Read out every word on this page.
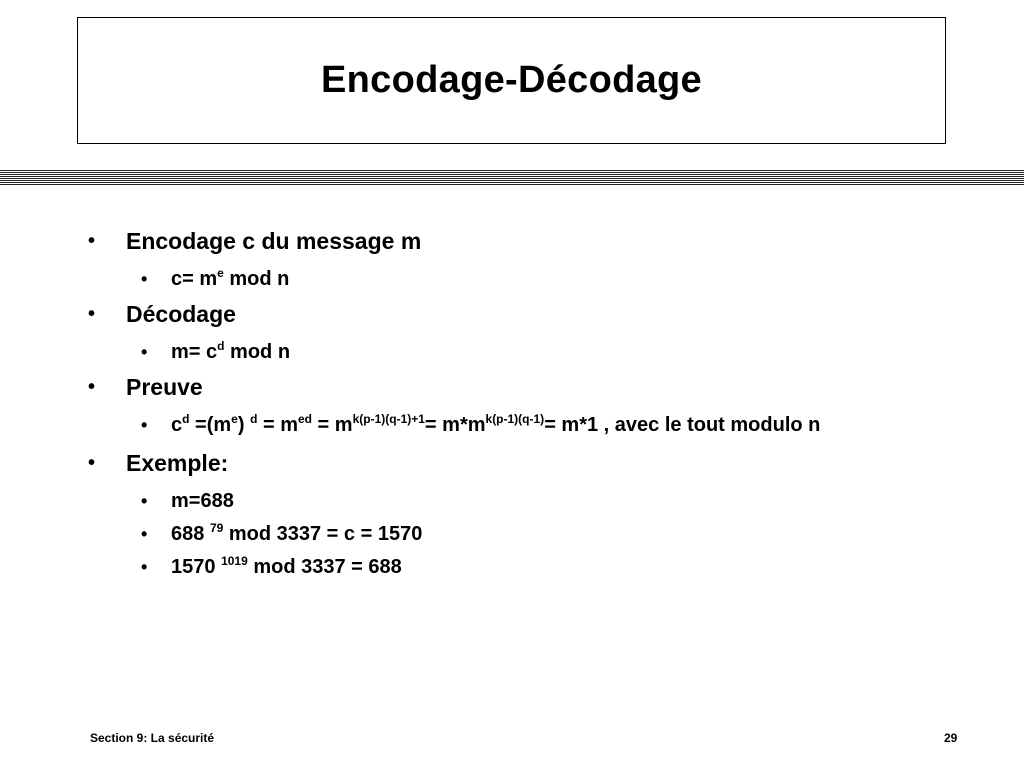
Encodage-Décodage
• Encodage c du message m
• $c= m^e$ mod n
• Décodage
• $m= c^d$ mod n
• Preuve
• $c^d =(m^e) ^d = m^{ed} = m^{k(p-1)(q-1)+1}= m*m^{k(p-1)(q-1)}= m*1$ , avec le tout modulo n
• Exemple:
• m=688
• 688 $^{79}$ mod 3337 = c = 1570
• 1570 $^{1019}$ mod 3337 = 688
Section 9: La sécurité	29
